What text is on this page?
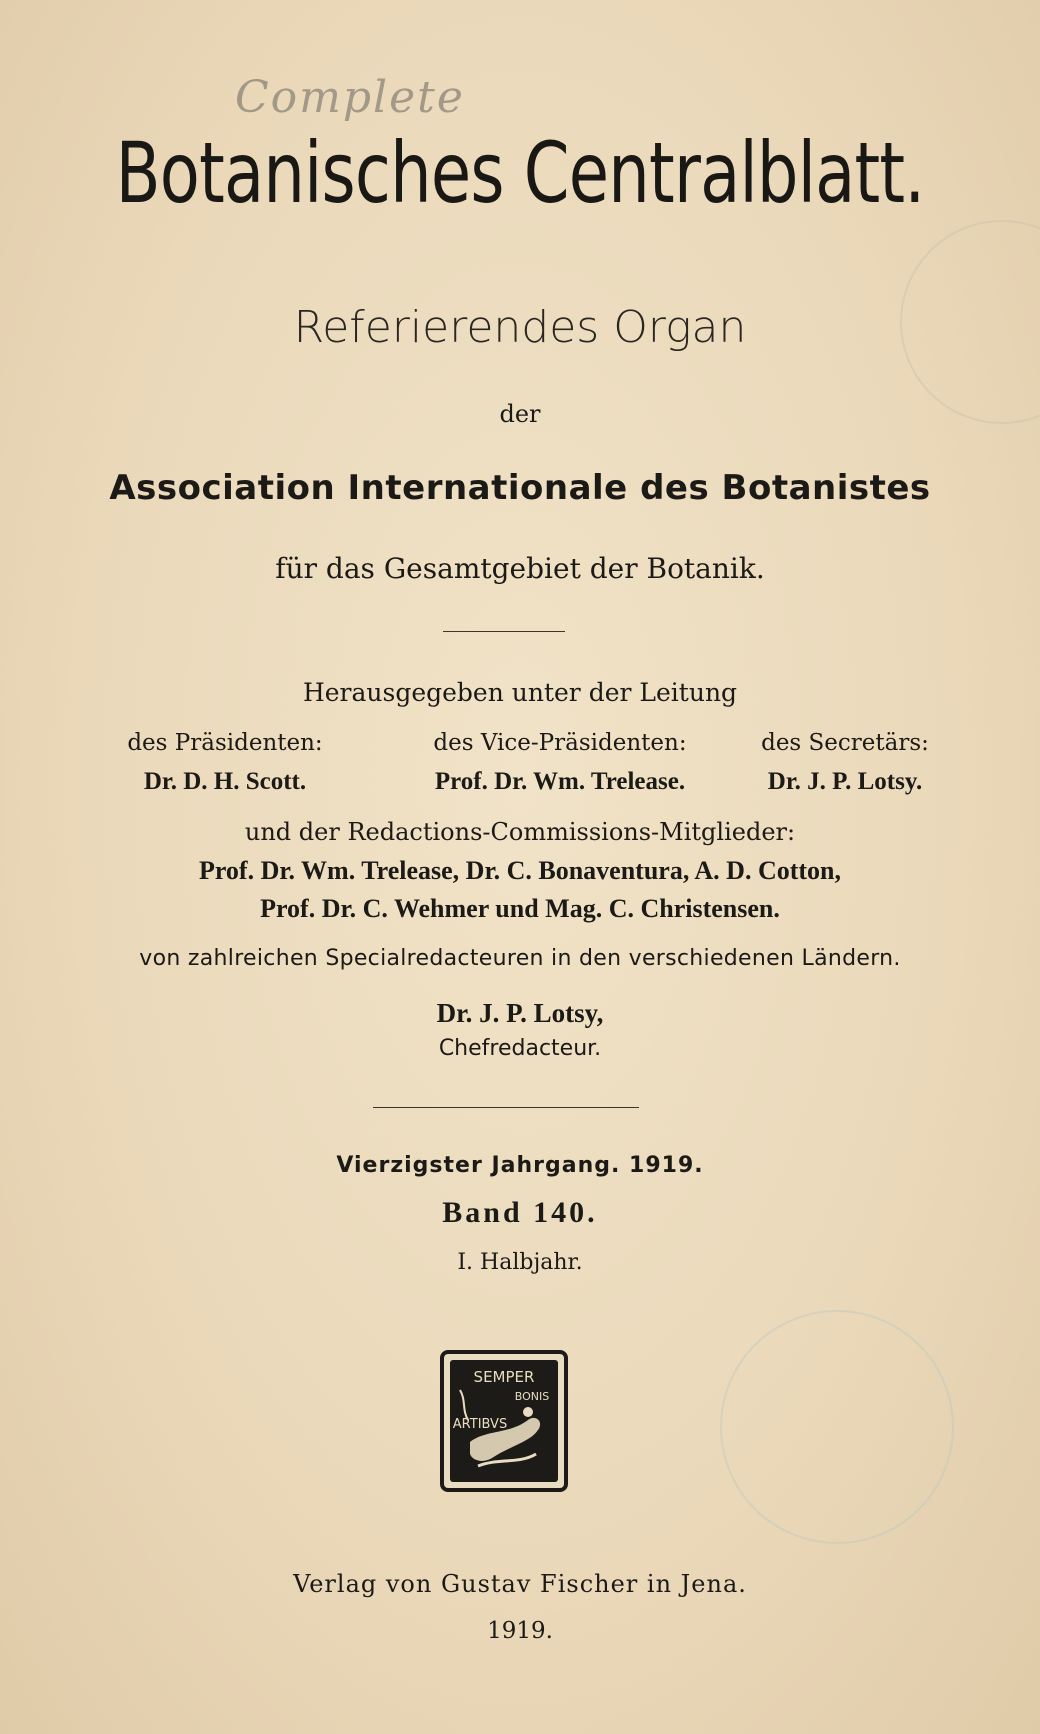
Complete
Botanisches Centralblatt.
Referierendes Organ
der
Association Internationale des Botanistes
für das Gesamtgebiet der Botanik.
Herausgegeben unter der Leitung
des Präsidenten:
Dr. D. H. Scott.
des Vice-Präsidenten:
Prof. Dr. Wm. Trelease.
des Secretärs:
Dr. J. P. Lotsy.
und der Redactions-Commissions-Mitglieder:
Prof. Dr. Wm. Trelease, Dr. C. Bonaventura, A. D. Cotton,
Prof. Dr. C. Wehmer und Mag. C. Christensen.
von zahlreichen Specialredacteuren in den verschiedenen Ländern.
Dr. J. P. Lotsy,
Chefredacteur.
Vierzigster Jahrgang. 1919.
Band 140.
I. Halbjahr.
SEMPER
BONIS
ARTIBVS
Verlag von Gustav Fischer in Jena.
1919.
